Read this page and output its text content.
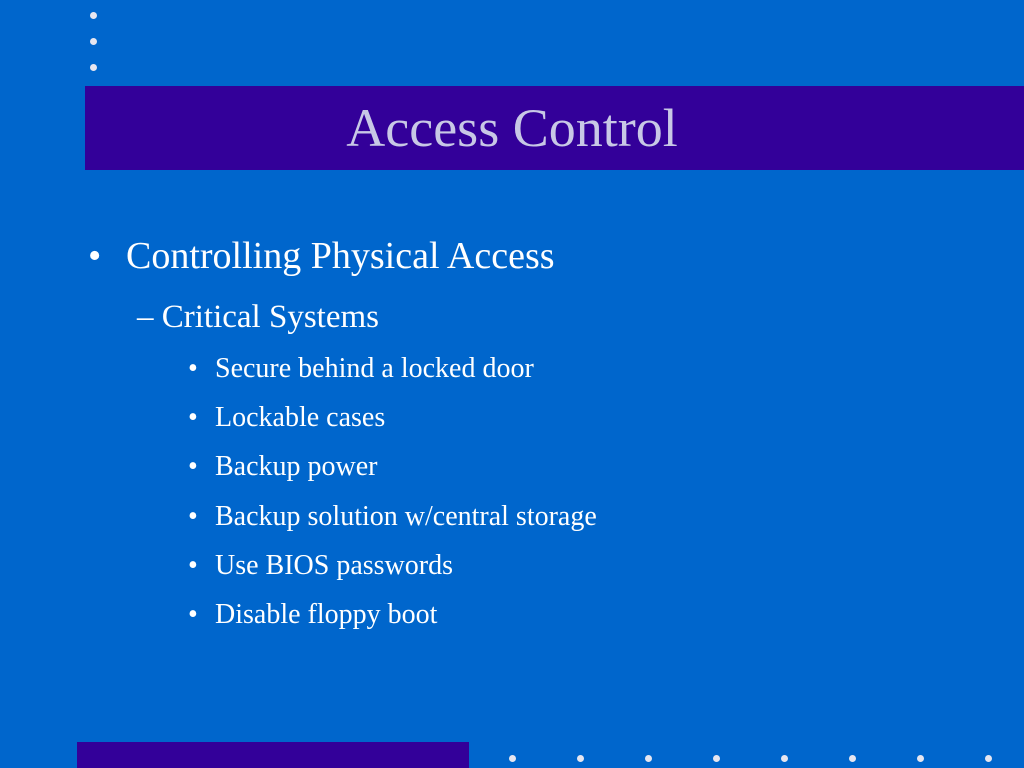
Access Control
• Controlling Physical Access
– Critical Systems
• Secure behind a locked door
• Lockable cases
• Backup power
• Backup solution w/central storage
• Use BIOS passwords
• Disable floppy boot
